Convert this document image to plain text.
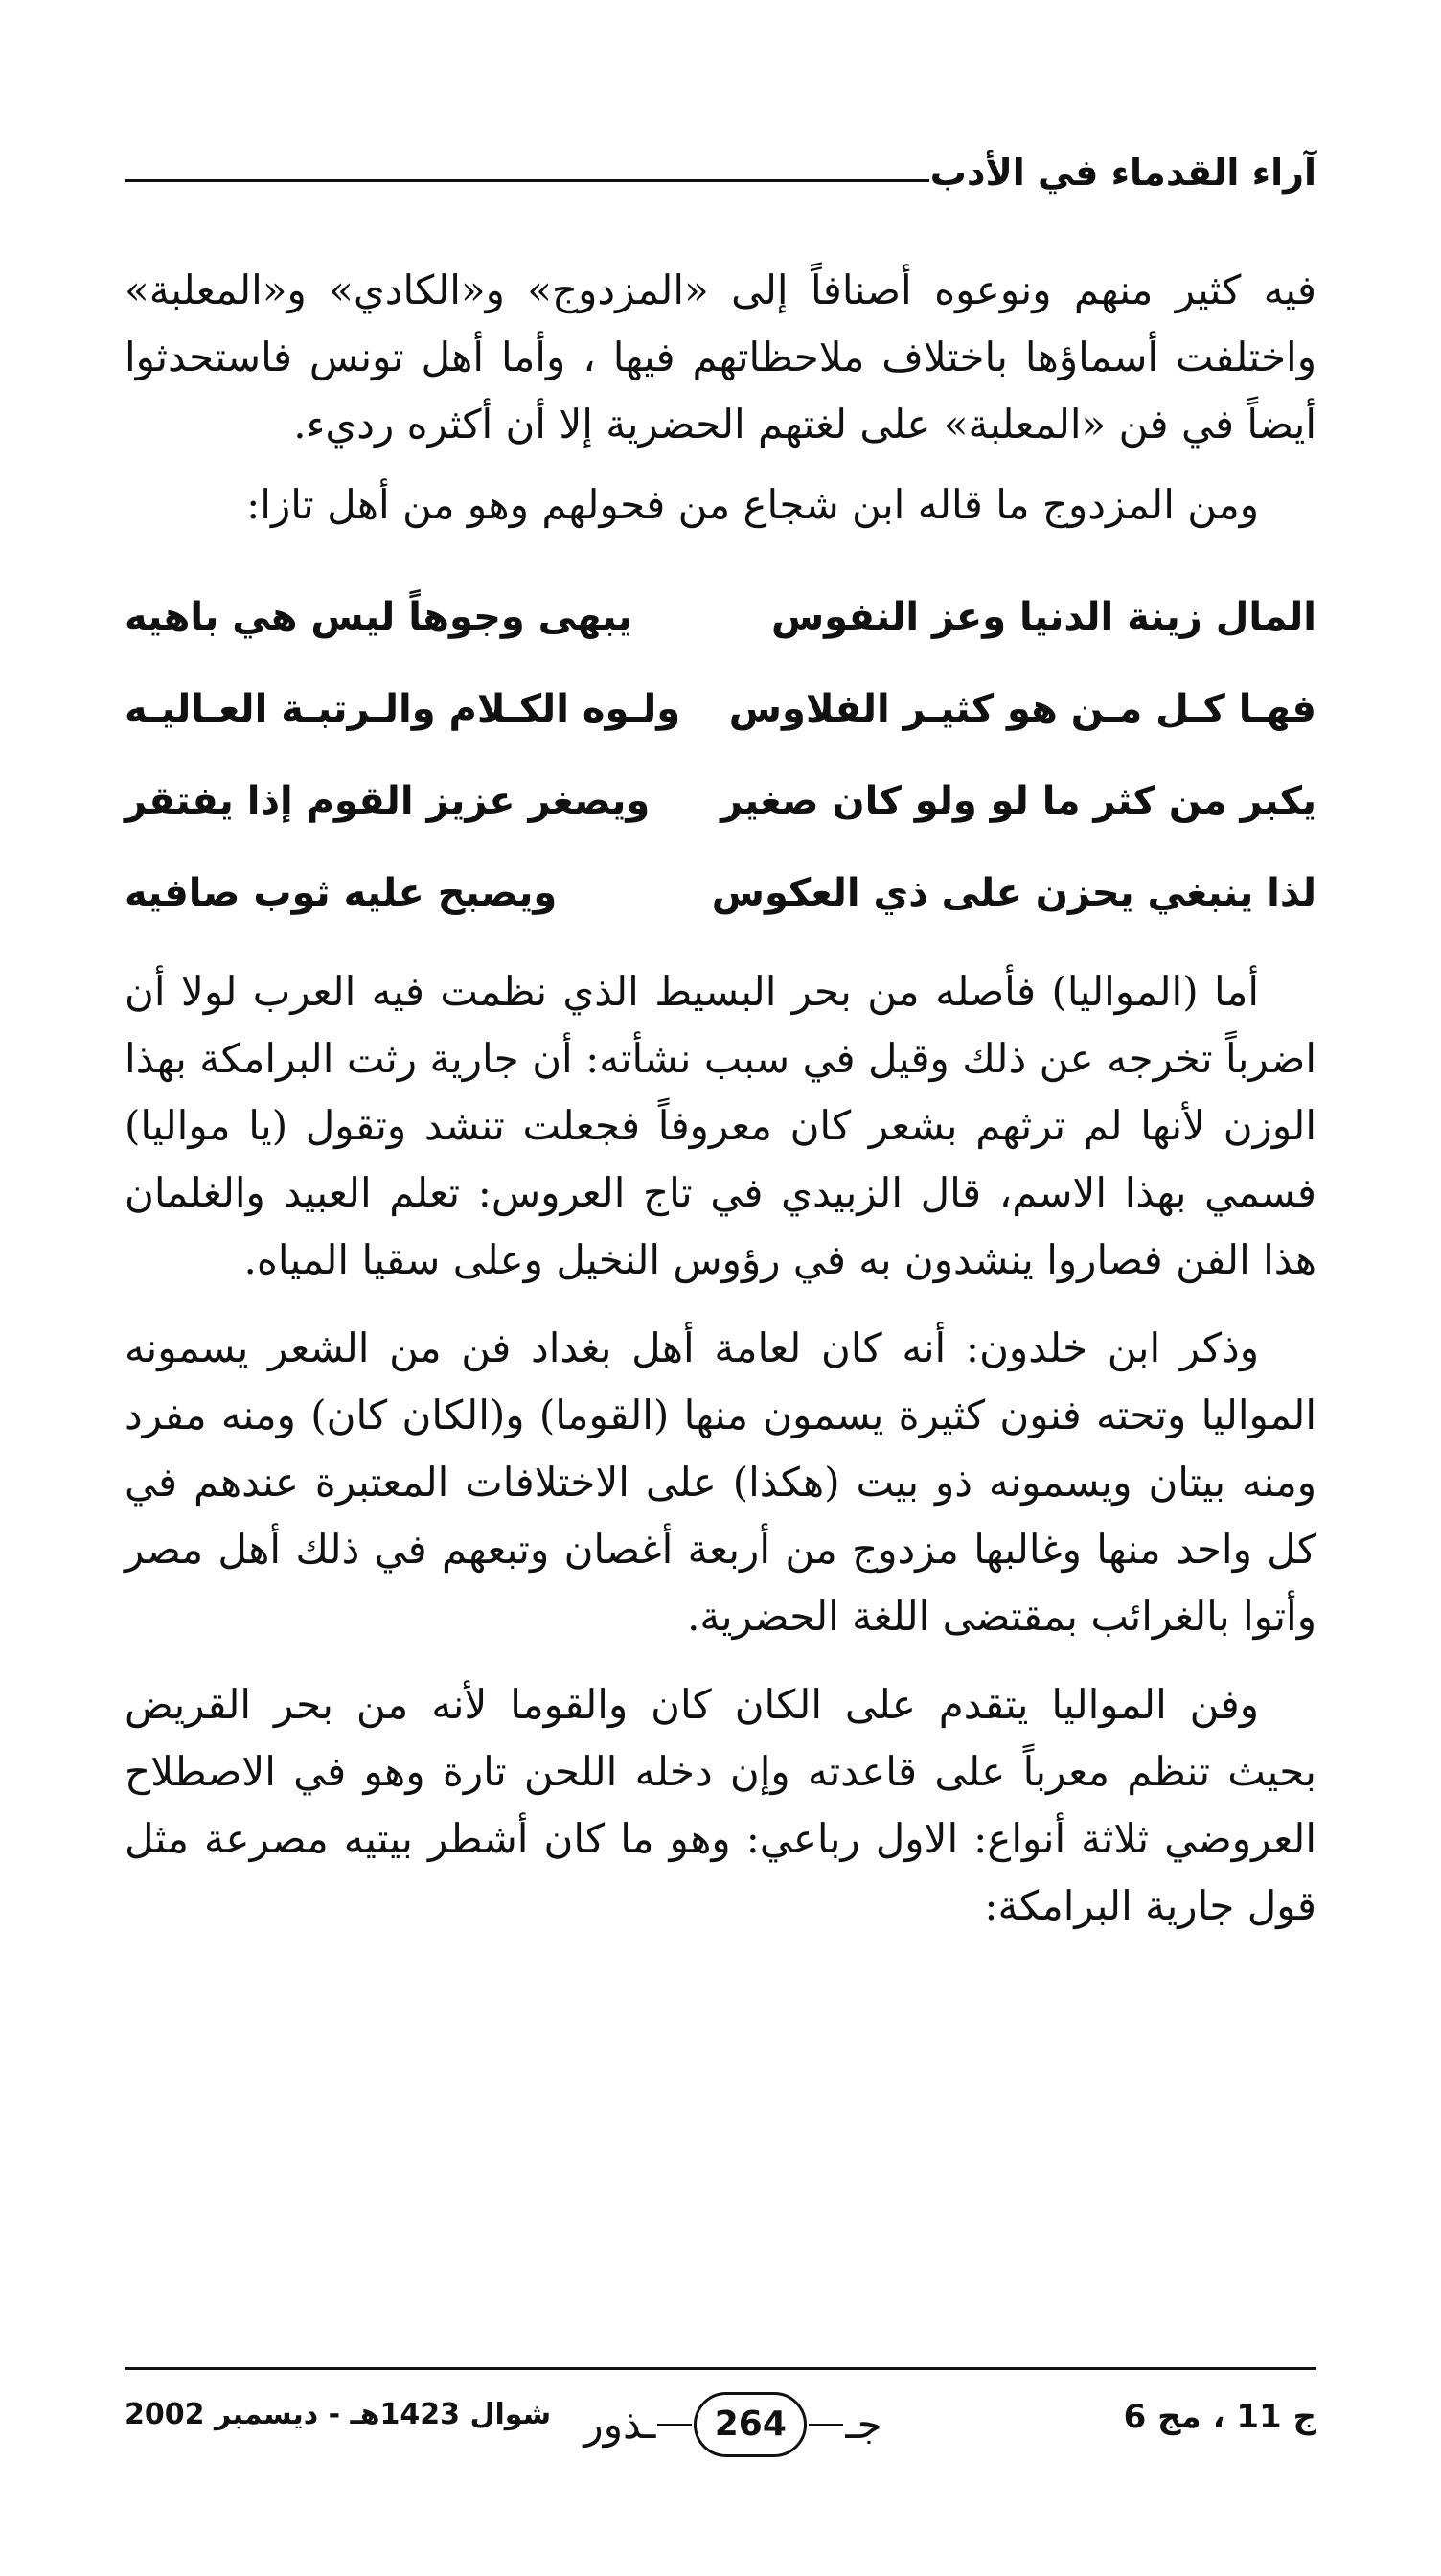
آراء القدماء في الأدب

فيه كثير منهم ونوعوه أصنافاً إلى «المزدوج» و«الكادي» و«المعلبة» واختلفت أسماؤها باختلاف ملاحظاتهم فيها ، وأما أهل تونس فاستحدثوا أيضاً في فن «المعلبة» على لغتهم الحضرية إلا أن أكثره رديء.

ومن المزدوج ما قاله ابن شجاع من فحولهم وهو من أهل تازا:

المال زينة الدنيا وعز النفوس
يبهى وجوهاً ليس هي باهيه
فهـا كـل مـن هو كثيـر الفلاوس
ولـوه الكـلام والـرتبـة العـاليـه
يكبر من كثر ما لو ولو كان صغير
ويصغر عزيز القوم إذا يفتقر
لذا ينبغي يحزن على ذي العكوس
ويصبح عليه ثوب صافيه

أما (المواليا) فأصله من بحر البسيط الذي نظمت فيه العرب لولا أن اضرباً تخرجه عن ذلك وقيل في سبب نشأته: أن جارية رثت البرامكة بهذا الوزن لأنها لم ترثهم بشعر كان معروفاً فجعلت تنشد وتقول (يا مواليا) فسمي بهذا الاسم، قال الزبيدي في تاج العروس: تعلم العبيد والغلمان هذا الفن فصاروا ينشدون به في رؤوس النخيل وعلى سقيا المياه.

وذكر ابن خلدون: أنه كان لعامة أهل بغداد فن من الشعر يسمونه المواليا وتحته فنون كثيرة يسمون منها (القوما) و(الكان كان) ومنه مفرد ومنه بيتان ويسمونه ذو بيت (هكذا) على الاختلافات المعتبرة عندهم في كل واحد منها وغالبها مزدوج من أربعة أغصان وتبعهم في ذلك أهل مصر وأتوا بالغرائب بمقتضى اللغة الحضرية.

وفن المواليا يتقدم على الكان كان والقوما لأنه من بحر القريض بحيث تنظم معرباً على قاعدته وإن دخله اللحن تارة وهو في الاصطلاح العروضي ثلاثة أنواع: الاول رباعي: وهو ما كان أشطر بيتيه مصرعة مثل قول جارية البرامكة:

ج 11 ، مج 6
جـ
264
ـذور
شوال 1423هـ - ديسمبر 2002
